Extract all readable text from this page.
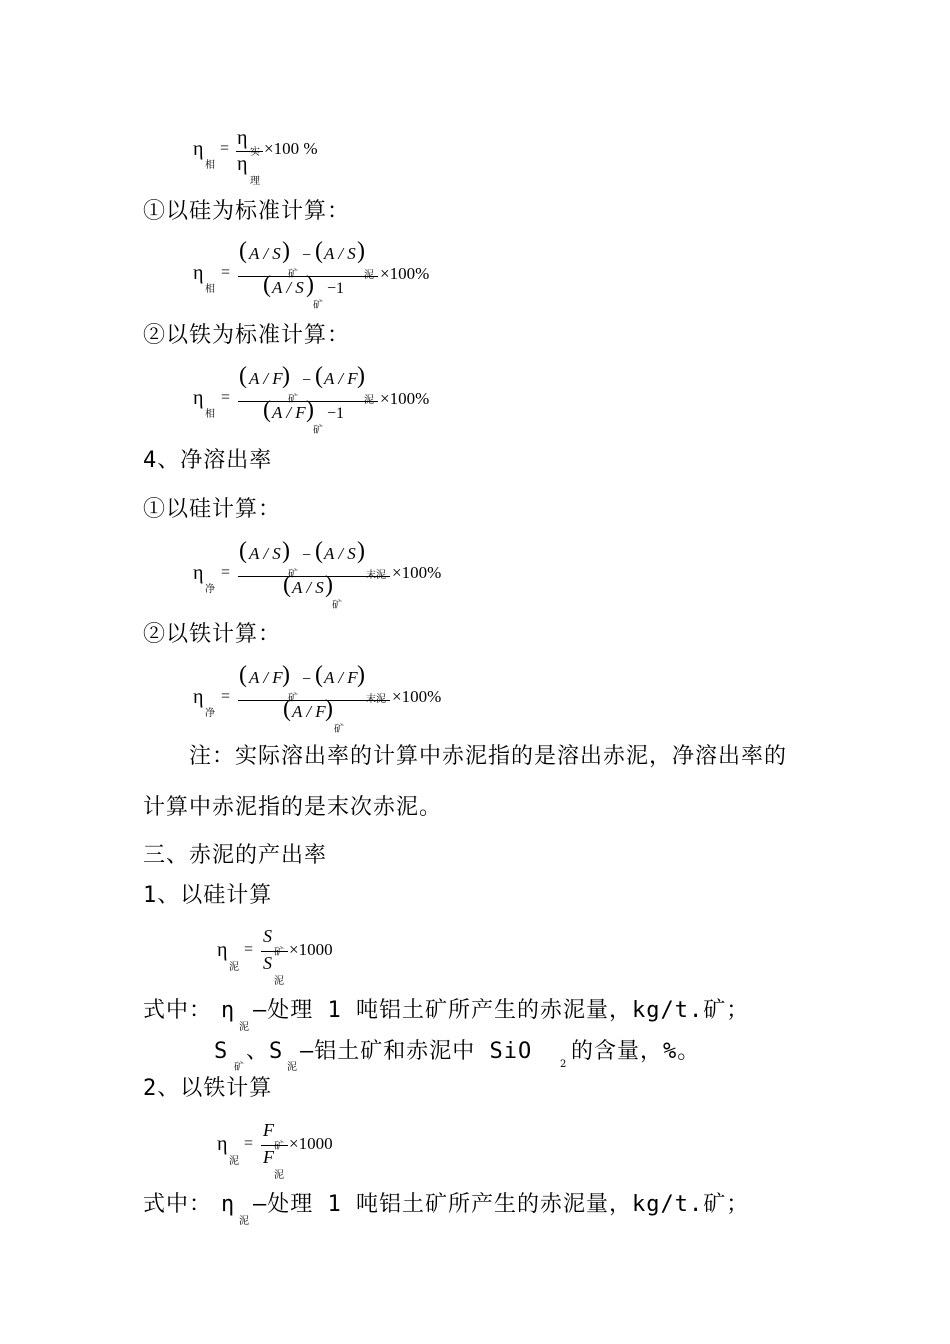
η
相
= η
实
η
理
×100 %
①以硅为标准计算：
η
相
=
( A / S )
矿
− ( A / S )
泥
( A / S )
矿
−1
×100%
②以铁为标准计算：
η
相
=
( A / F )
矿
− ( A / F )
泥
( A / F )
矿
−1
×100%
4、净溶出率
①以硅计算：
η
净
=
( A / S )
矿
− ( A / S )
末泥
( A / S )
矿
×100%
②以铁计算：
η
净
=
( A / F )
矿
− ( A / F )
末泥
( A / F )
矿
×100%
注：实际溶出率的计算中赤泥指的是溶出赤泥，净溶出率的
计算中赤泥指的是末次赤泥。
三、赤泥的产出率
1、以硅计算
η
泥
=
S
矿
S
泥
×1000
式中： η
泥
—处理 1 吨铝土矿所产生的赤泥量，kg/t.矿；
S
矿
、S
泥
—铝土矿和赤泥中 SiO
2
的含量，%。
2、以铁计算
η
泥
=
F
矿
F
泥
×1000
式中： η
泥
—处理 1 吨铝土矿所产生的赤泥量，kg/t.矿；
